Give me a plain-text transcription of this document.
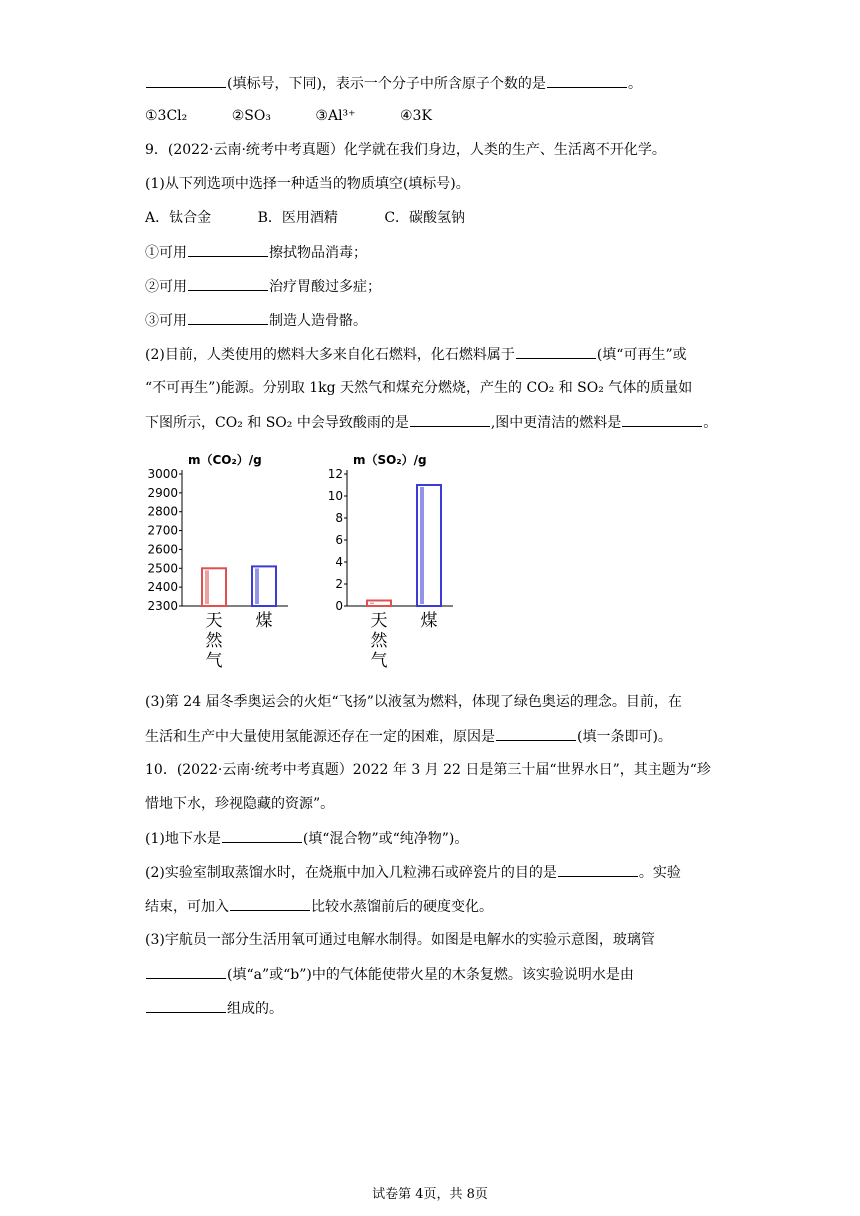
(填标号，下同)，表示一个分子中所含原子个数的是	。
①3Cl₂	②SO₃	③Al³⁺	④3K
9．(2022·云南·统考中考真题）化学就在我们身边，人类的生产、生活离不开化学。
(1)从下列选项中选择一种适当的物质填空(填标号)。
A．钛合金	B．医用酒精	C．碳酸氢钠
①可用	擦拭物品消毒；
②可用	治疗胃酸过多症；
③可用	制造人造骨骼。
(2)目前，人类使用的燃料大多来自化石燃料，化石燃料属于	(填“可再生”或
“不可再生”)能源。分别取 1kg 天然气和煤充分燃烧，产生的 CO₂ 和 SO₂ 气体的质量如
下图所示，CO₂ 和 SO₂ 中会导致酸雨的是	,图中更清洁的燃料是	。
m（CO₂）/g
3000
2900
2800
2700
2600
2500
2400
2300
天
然
气
煤
m（SO₂）/g
12
10
8
6
4
2
0
天
然
气
煤
(3)第 24 届冬季奥运会的火炬“飞扬”以液氢为燃料，体现了绿色奥运的理念。目前，在
生活和生产中大量使用氢能源还存在一定的困难，原因是	(填一条即可)。
10．(2022·云南·统考中考真题）2022 年 3 月 22 日是第三十届“世界水日”，其主题为“珍
惜地下水，珍视隐藏的资源”。
(1)地下水是	(填“混合物”或“纯净物”)。
(2)实验室制取蒸馏水时，在烧瓶中加入几粒沸石或碎瓷片的目的是	。实验
结束，可加入	比较水蒸馏前后的硬度变化。
(3)宇航员一部分生活用氧可通过电解水制得。如图是电解水的实验示意图，玻璃管
(填“a”或“b”)中的气体能使带火星的木条复燃。该实验说明水是由
组成的。
试卷第 4页，共 8页
